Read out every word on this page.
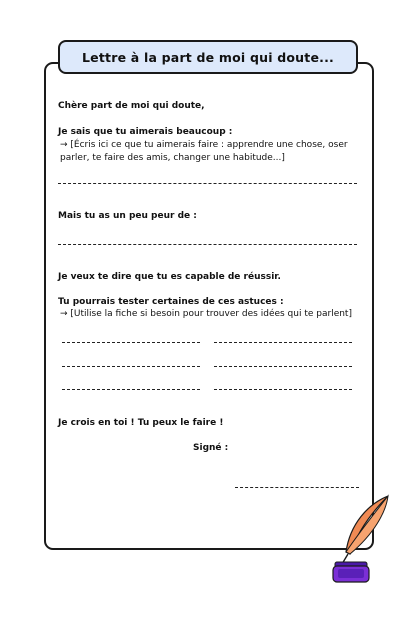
Lettre à la part de moi qui doute...
Chère part de moi qui doute,
Je sais que tu aimerais beaucoup :
→ [Écris ici ce que tu aimerais faire : apprendre une chose, oser
parler, te faire des amis, changer une habitude...]
Mais tu as un peu peur de :
Je veux te dire que tu es capable de réussir.
Tu pourrais tester certaines de ces astuces :
→ [Utilise la fiche si besoin pour trouver des idées qui te parlent]
Je crois en toi ! Tu peux le faire !
Signé :
